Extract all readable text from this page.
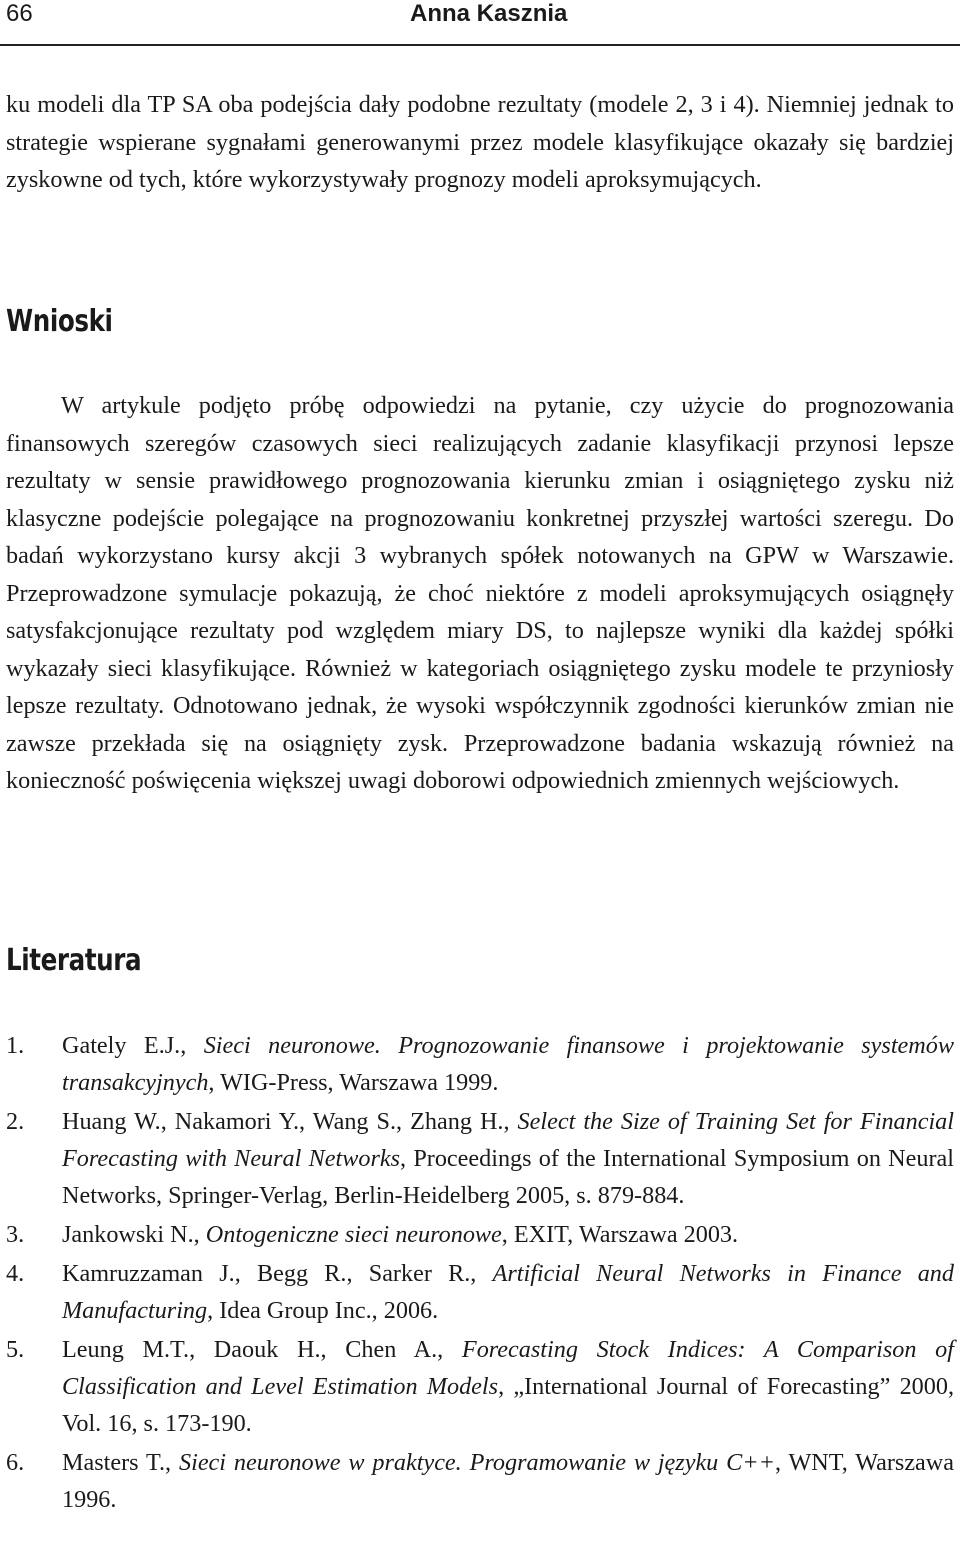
66	Anna Kasznia

ku modeli dla TP SA oba podejścia dały podobne rezultaty (modele 2, 3 i 4). Niemniej jednak to strategie wspierane sygnałami generowanymi przez modele klasyfikujące okazały się bardziej zyskowne od tych, które wykorzystywały prognozy modeli aproksymujących.

Wnioski

W artykule podjęto próbę odpowiedzi na pytanie, czy użycie do prognozowania finansowych szeregów czasowych sieci realizujących zadanie klasyfikacji przynosi lepsze rezultaty w sensie prawidłowego prognozowania kierunku zmian i osiągniętego zysku niż klasyczne podejście polegające na prognozowaniu konkretnej przyszłej wartości szeregu. Do badań wykorzystano kursy akcji 3 wybranych spółek notowanych na GPW w Warszawie. Przeprowadzone symulacje pokazują, że choć niektóre z modeli aproksymujących osiągnęły satysfakcjonujące rezultaty pod względem miary DS, to najlepsze wyniki dla każdej spółki wykazały sieci klasyfikujące. Również w kategoriach osiągniętego zysku modele te przyniosły lepsze rezultaty. Odnotowano jednak, że wysoki współczynnik zgodności kierunków zmian nie zawsze przekłada się na osiągnięty zysk. Przeprowadzone badania wskazują również na konieczność poświęcenia większej uwagi doborowi odpowiednich zmiennych wejściowych.

Literatura
1. Gately E.J., Sieci neuronowe. Prognozowanie finansowe i projektowanie systemów transakcyjnych, WIG-Press, Warszawa 1999.
2. Huang W., Nakamori Y., Wang S., Zhang H., Select the Size of Training Set for Financial Forecasting with Neural Networks, Proceedings of the International Symposium on Neural Networks, Springer-Verlag, Berlin-Heidelberg 2005, s. 879-884.
3. Jankowski N., Ontogeniczne sieci neuronowe, EXIT, Warszawa 2003.
4. Kamruzzaman J., Begg R., Sarker R., Artificial Neural Networks in Finance and Manufacturing, Idea Group Inc., 2006.
5. Leung M.T., Daouk H., Chen A., Forecasting Stock Indices: A Comparison of Classification and Level Estimation Models, „International Journal of Forecasting” 2000, Vol. 16, s. 173-190.
6. Masters T., Sieci neuronowe w praktyce. Programowanie w języku C++, WNT, Warszawa 1996.
